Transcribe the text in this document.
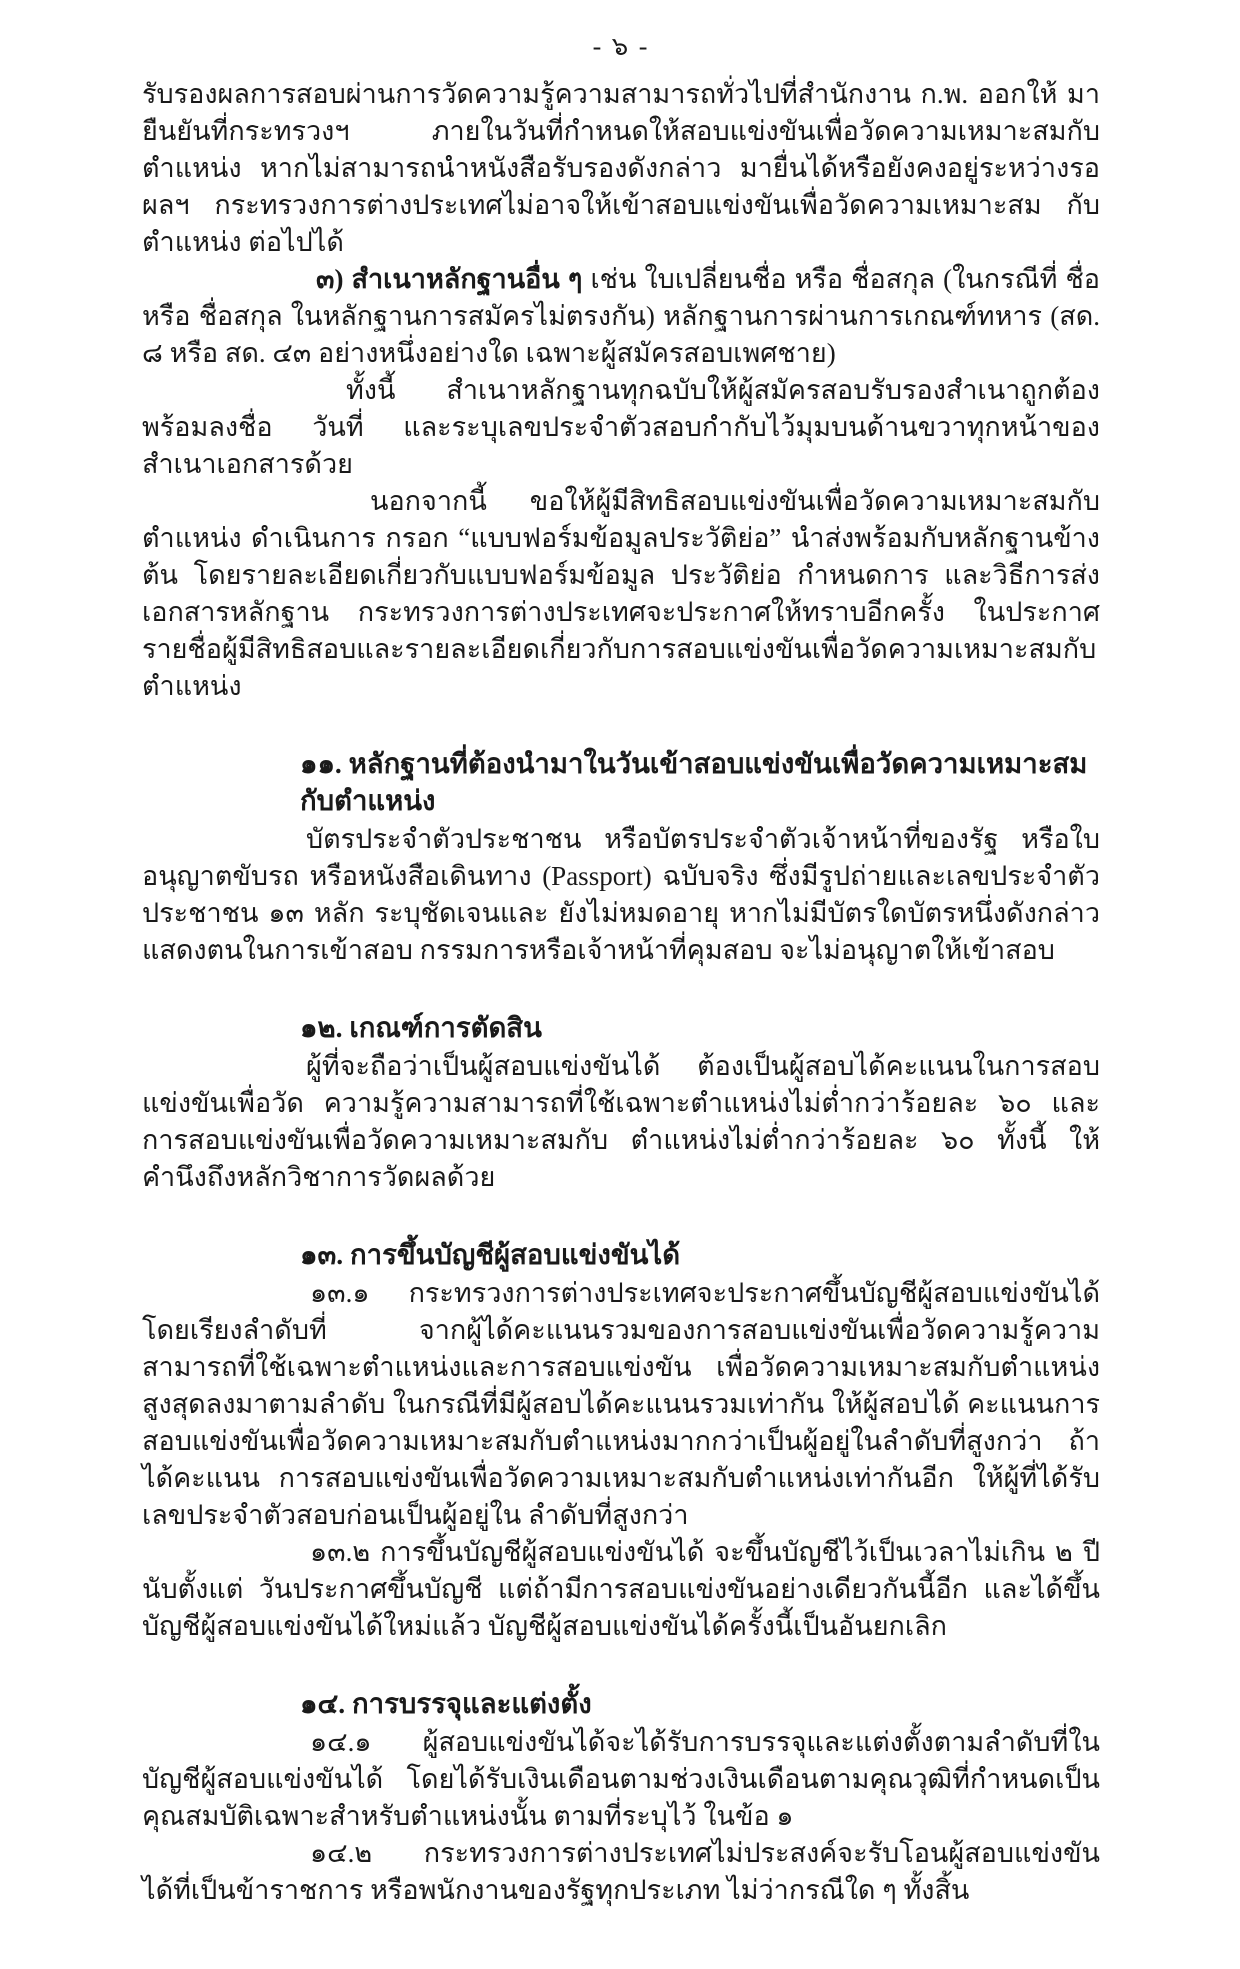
- ๖ -

รับรองผลการสอบผ่านการวัดความรู้ความสามารถทั่วไปที่สำนักงาน ก.พ. ออกให้ มายืนยันที่กระทรวงฯ ภายในวันที่กำหนดให้สอบแข่งขันเพื่อวัดความเหมาะสมกับตำแหน่ง หากไม่สามารถนำหนังสือรับรองดังกล่าว มายื่นได้หรือยังคงอยู่ระหว่างรอผลฯ กระทรวงการต่างประเทศไม่อาจให้เข้าสอบแข่งขันเพื่อวัดความเหมาะสม กับตำแหน่ง ต่อไปได้

๓) สำเนาหลักฐานอื่น ๆ เช่น ใบเปลี่ยนชื่อ หรือ ชื่อสกุล (ในกรณีที่ ชื่อ หรือ ชื่อสกุล ในหลักฐานการสมัครไม่ตรงกัน) หลักฐานการผ่านการเกณฑ์ทหาร (สด. ๘ หรือ สด. ๔๓ อย่างหนึ่งอย่างใด เฉพาะผู้สมัครสอบเพศชาย)

ทั้งนี้ สำเนาหลักฐานทุกฉบับให้ผู้สมัครสอบรับรองสำเนาถูกต้อง พร้อมลงชื่อ วันที่ และระบุเลขประจำตัวสอบกำกับไว้มุมบนด้านขวาทุกหน้าของสำเนาเอกสารด้วย

นอกจากนี้ ขอให้ผู้มีสิทธิสอบแข่งขันเพื่อวัดความเหมาะสมกับตำแหน่ง ดำเนินการ กรอก “แบบฟอร์มข้อมูลประวัติย่อ” นำส่งพร้อมกับหลักฐานข้างต้น โดยรายละเอียดเกี่ยวกับแบบฟอร์มข้อมูล ประวัติย่อ กำหนดการ และวิธีการส่งเอกสารหลักฐาน กระทรวงการต่างประเทศจะประกาศให้ทราบอีกครั้ง ในประกาศรายชื่อผู้มีสิทธิสอบและรายละเอียดเกี่ยวกับการสอบแข่งขันเพื่อวัดความเหมาะสมกับตำแหน่ง

๑๑. หลักฐานที่ต้องนำมาในวันเข้าสอบแข่งขันเพื่อวัดความเหมาะสมกับตำแหน่ง

บัตรประจำตัวประชาชน หรือบัตรประจำตัวเจ้าหน้าที่ของรัฐ หรือใบอนุญาตขับรถ หรือหนังสือเดินทาง (Passport) ฉบับจริง ซึ่งมีรูปถ่ายและเลขประจำตัวประชาชน ๑๓ หลัก ระบุชัดเจนและ ยังไม่หมดอายุ หากไม่มีบัตรใดบัตรหนึ่งดังกล่าวแสดงตนในการเข้าสอบ กรรมการหรือเจ้าหน้าที่คุมสอบ จะไม่อนุญาตให้เข้าสอบ

๑๒. เกณฑ์การตัดสิน

ผู้ที่จะถือว่าเป็นผู้สอบแข่งขันได้ ต้องเป็นผู้สอบได้คะแนนในการสอบแข่งขันเพื่อวัด ความรู้ความสามารถที่ใช้เฉพาะตำแหน่งไม่ต่ำกว่าร้อยละ ๖๐ และการสอบแข่งขันเพื่อวัดความเหมาะสมกับ ตำแหน่งไม่ต่ำกว่าร้อยละ ๖๐ ทั้งนี้ ให้คำนึงถึงหลักวิชาการวัดผลด้วย

๑๓. การขึ้นบัญชีผู้สอบแข่งขันได้

๑๓.๑ กระทรวงการต่างประเทศจะประกาศขึ้นบัญชีผู้สอบแข่งขันได้ โดยเรียงลำดับที่ จากผู้ได้คะแนนรวมของการสอบแข่งขันเพื่อวัดความรู้ความสามารถที่ใช้เฉพาะตำแหน่งและการสอบแข่งขัน เพื่อวัดความเหมาะสมกับตำแหน่งสูงสุดลงมาตามลำดับ ในกรณีที่มีผู้สอบได้คะแนนรวมเท่ากัน ให้ผู้สอบได้ คะแนนการสอบแข่งขันเพื่อวัดความเหมาะสมกับตำแหน่งมากกว่าเป็นผู้อยู่ในลำดับที่สูงกว่า ถ้าได้คะแนน การสอบแข่งขันเพื่อวัดความเหมาะสมกับตำแหน่งเท่ากันอีก ให้ผู้ที่ได้รับเลขประจำตัวสอบก่อนเป็นผู้อยู่ใน ลำดับที่สูงกว่า

๑๓.๒ การขึ้นบัญชีผู้สอบแข่งขันได้ จะขึ้นบัญชีไว้เป็นเวลาไม่เกิน ๒ ปี นับตั้งแต่ วันประกาศขึ้นบัญชี แต่ถ้ามีการสอบแข่งขันอย่างเดียวกันนี้อีก และได้ขึ้นบัญชีผู้สอบแข่งขันได้ใหม่แล้ว บัญชีผู้สอบแข่งขันได้ครั้งนี้เป็นอันยกเลิก

๑๔. การบรรจุและแต่งตั้ง

๑๔.๑ ผู้สอบแข่งขันได้จะได้รับการบรรจุและแต่งตั้งตามลำดับที่ในบัญชีผู้สอบแข่งขันได้ โดยได้รับเงินเดือนตามช่วงเงินเดือนตามคุณวุฒิที่กำหนดเป็นคุณสมบัติเฉพาะสำหรับตำแหน่งนั้น ตามที่ระบุไว้ ในข้อ ๑

๑๔.๒ กระทรวงการต่างประเทศไม่ประสงค์จะรับโอนผู้สอบแข่งขันได้ที่เป็นข้าราชการ หรือพนักงานของรัฐทุกประเภท ไม่ว่ากรณีใด ๆ ทั้งสิ้น
